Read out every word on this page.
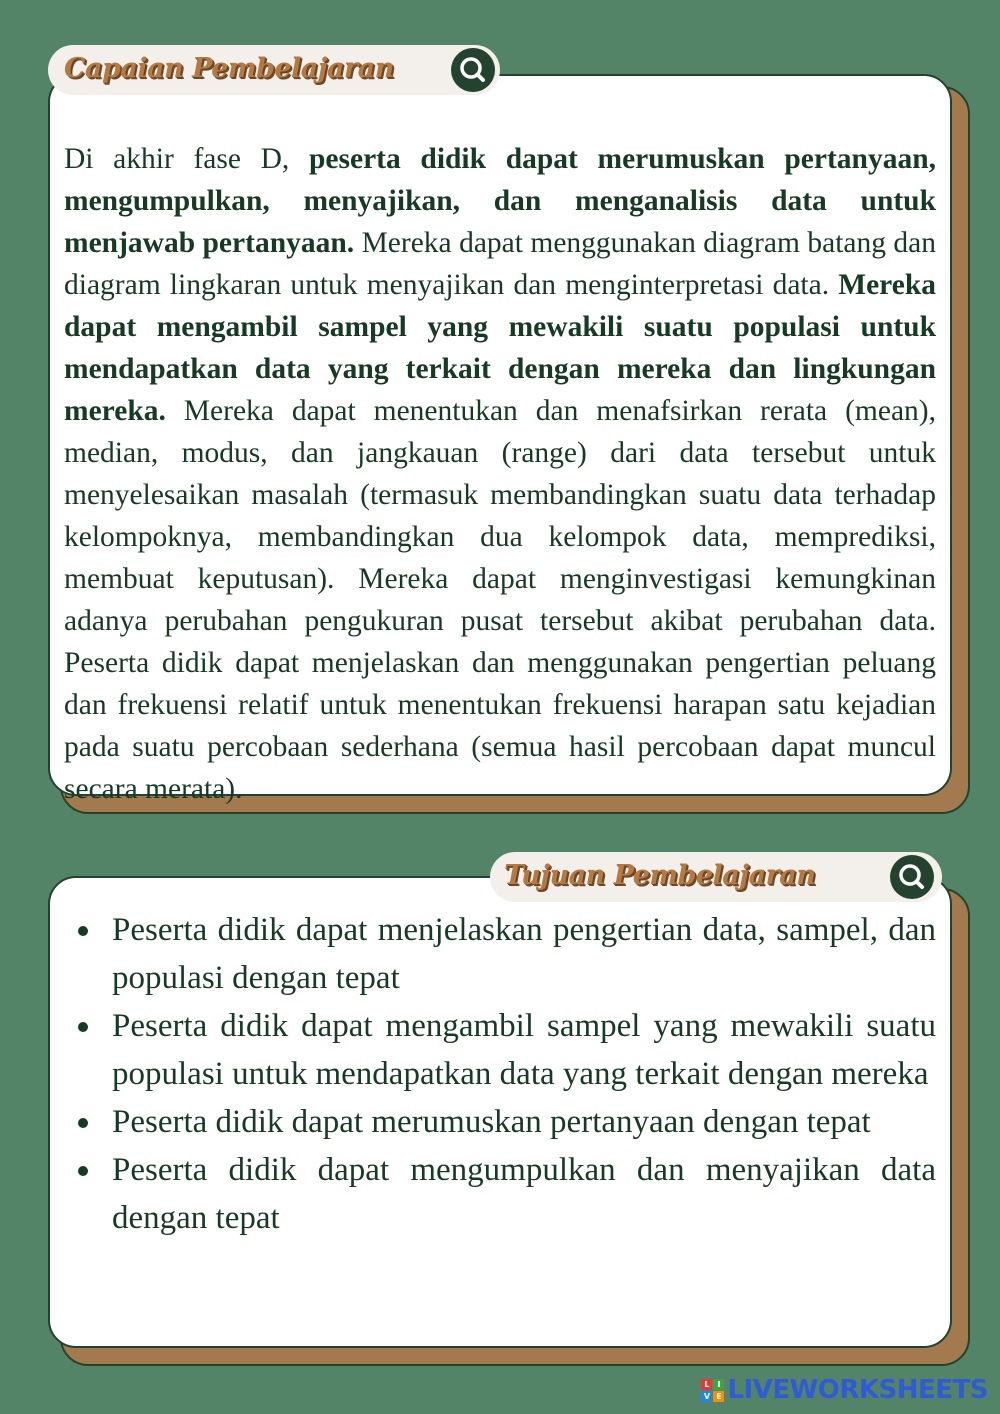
Capaian Pembelajaran

Di akhir fase D, peserta didik dapat merumuskan pertanyaan, mengumpulkan, menyajikan, dan menganalisis data untuk menjawab pertanyaan. Mereka dapat menggunakan diagram batang dan diagram lingkaran untuk menyajikan dan menginterpretasi data. Mereka dapat mengambil sampel yang mewakili suatu populasi untuk mendapatkan data yang terkait dengan mereka dan lingkungan mereka. Mereka dapat menentukan dan menafsirkan rerata (mean), median, modus, dan jangkauan (range) dari data tersebut untuk menyelesaikan masalah (termasuk membandingkan suatu data terhadap kelompoknya, membandingkan dua kelompok data, memprediksi, membuat keputusan). Mereka dapat menginvestigasi kemungkinan adanya perubahan pengukuran pusat tersebut akibat perubahan data. Peserta didik dapat menjelaskan dan menggunakan pengertian peluang dan frekuensi relatif untuk menentukan frekuensi harapan satu kejadian pada suatu percobaan sederhana (semua hasil percobaan dapat muncul secara merata).

Tujuan Pembelajaran
Peserta didik dapat menjelaskan pengertian data, sampel, dan populasi dengan tepat
Peserta didik dapat mengambil sampel yang mewakili suatu populasi untuk mendapatkan data yang terkait dengan mereka
Peserta didik dapat merumuskan pertanyaan dengan tepat
Peserta didik dapat mengumpulkan dan menyajikan data dengan tepat
L I
V E LIVEWORKSHEETS
